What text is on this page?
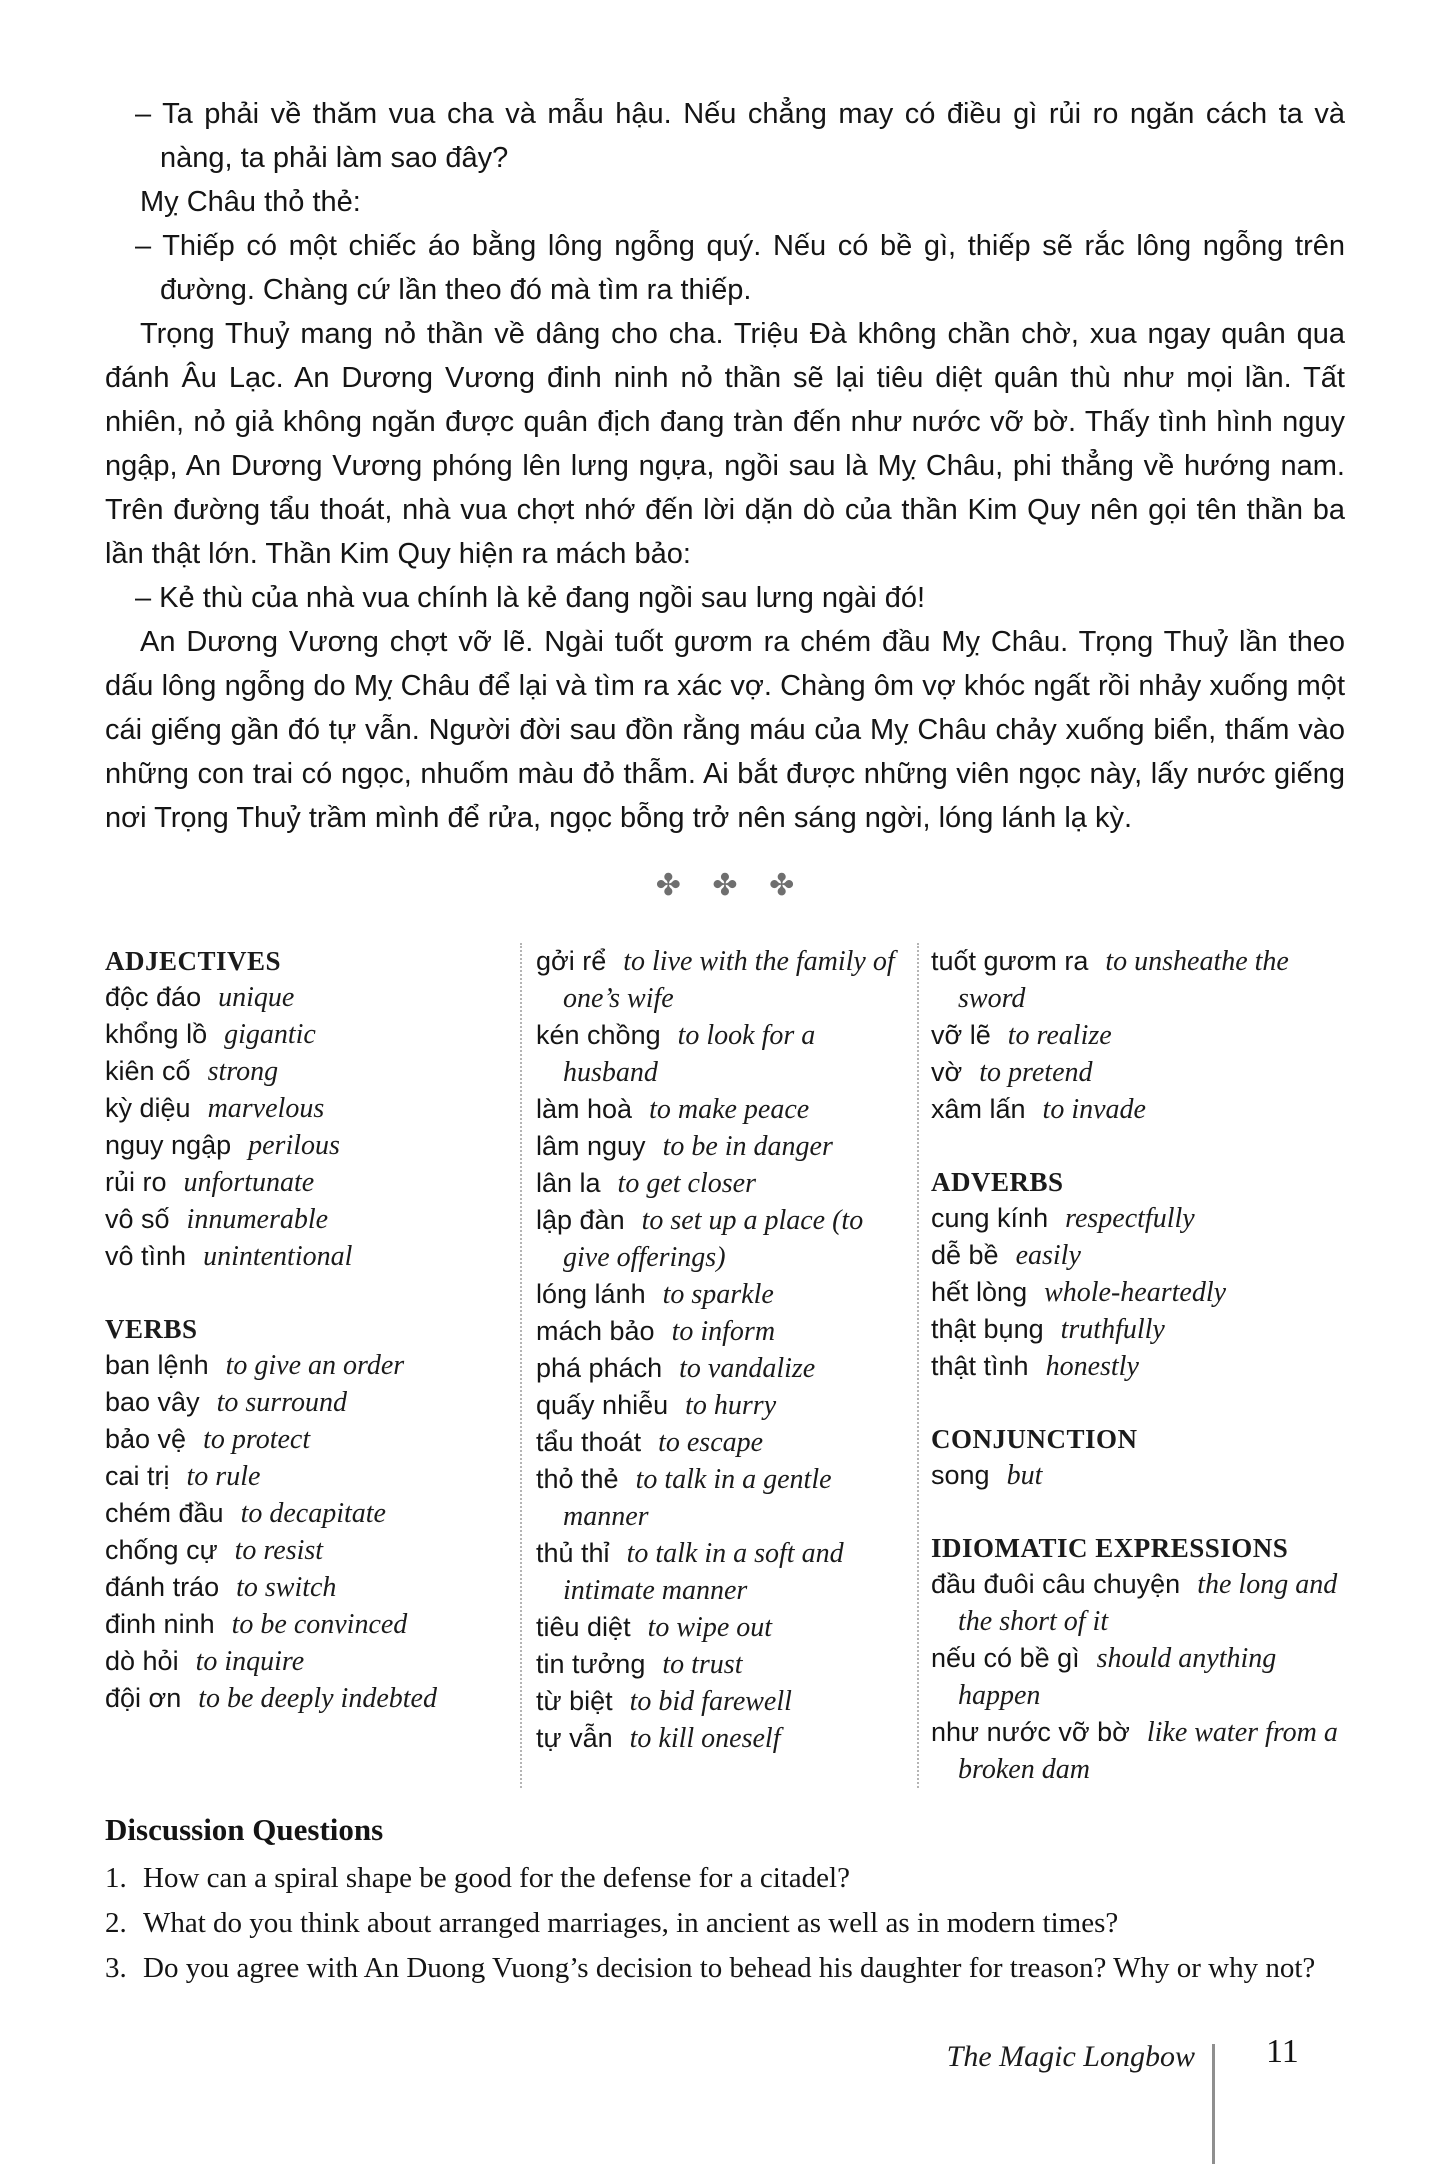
– Ta phải về thăm vua cha và mẫu hậu. Nếu chẳng may có điều gì rủi ro ngăn cách ta và nàng, ta phải làm sao đây?

Mỵ Châu thỏ thẻ:

– Thiếp có một chiếc áo bằng lông ngỗng quý. Nếu có bề gì, thiếp sẽ rắc lông ngỗng trên đường. Chàng cứ lần theo đó mà tìm ra thiếp.

Trọng Thuỷ mang nỏ thần về dâng cho cha. Triệu Đà không chần chờ, xua ngay quân qua đánh Âu Lạc. An Dương Vương đinh ninh nỏ thần sẽ lại tiêu diệt quân thù như mọi lần. Tất nhiên, nỏ giả không ngăn được quân địch đang tràn đến như nước vỡ bờ. Thấy tình hình nguy ngập, An Dương Vương phóng lên lưng ngựa, ngồi sau là Mỵ Châu, phi thẳng về hướng nam. Trên đường tẩu thoát, nhà vua chợt nhớ đến lời dặn dò của thần Kim Quy nên gọi tên thần ba lần thật lớn. Thần Kim Quy hiện ra mách bảo:

– Kẻ thù của nhà vua chính là kẻ đang ngồi sau lưng ngài đó!

An Dương Vương chợt vỡ lẽ. Ngài tuốt gươm ra chém đầu Mỵ Châu. Trọng Thuỷ lần theo dấu lông ngỗng do Mỵ Châu để lại và tìm ra xác vợ. Chàng ôm vợ khóc ngất rồi nhảy xuống một cái giếng gần đó tự vẫn. Người đời sau đồn rằng máu của Mỵ Châu chảy xuống biển, thấm vào những con trai có ngọc, nhuốm màu đỏ thẫm. Ai bắt được những viên ngọc này, lấy nước giếng nơi Trọng Thuỷ trầm mình để rửa, ngọc bỗng trở nên sáng ngời, lóng lánh lạ kỳ.

✤ ✤ ✤
ADJECTIVES
độc đáo unique
khổng lồ gigantic
kiên cố strong
kỳ diệu marvelous
nguy ngập perilous
rủi ro unfortunate
vô số innumerable
vô tình unintentional
VERBS
ban lệnh to give an order
bao vây to surround
bảo vệ to protect
cai trị to rule
chém đầu to decapitate
chống cự to resist
đánh tráo to switch
đinh ninh to be convinced
dò hỏi to inquire
đội ơn to be deeply indebted
gởi rể to live with the family of one’s wife
kén chồng to look for a husband
làm hoà to make peace
lâm nguy to be in danger
lân la to get closer
lập đàn to set up a place (to give offerings)
lóng lánh to sparkle
mách bảo to inform
phá phách to vandalize
quấy nhiễu to hurry
tẩu thoát to escape
thỏ thẻ to talk in a gentle manner
thủ thỉ to talk in a soft and intimate manner
tiêu diệt to wipe out
tin tưởng to trust
từ biệt to bid farewell
tự vẫn to kill oneself
tuốt gươm ra to unsheathe the sword
vỡ lẽ to realize
vờ to pretend
xâm lấn to invade
ADVERBS
cung kính respectfully
dễ bề easily
hết lòng whole-heartedly
thật bụng truthfully
thật tình honestly
CONJUNCTION
song but
IDIOMATIC EXPRESSIONS
đầu đuôi câu chuyện the long and the short of it
nếu có bề gì should anything happen
như nước vỡ bờ like water from a broken dam
Discussion Questions
How can a spiral shape be good for the defense for a citadel?
What do you think about arranged marriages, in ancient as well as in modern times?
Do you agree with An Duong Vuong’s decision to behead his daughter for treason? Why or why not?
The Magic Longbow 11
